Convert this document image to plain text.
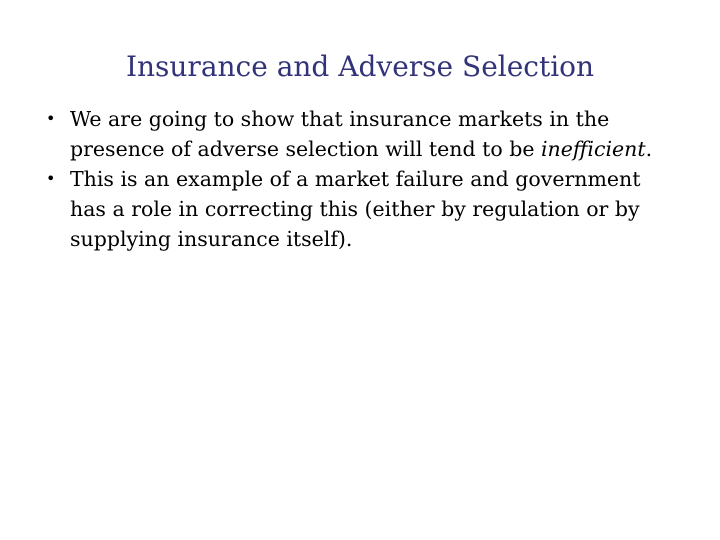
Insurance and Adverse Selection
• We are going to show that insurance markets in the presence of adverse selection will tend to be inefficient.
• This is an example of a market failure and government has a role in correcting this (either by regulation or by supplying insurance itself).
